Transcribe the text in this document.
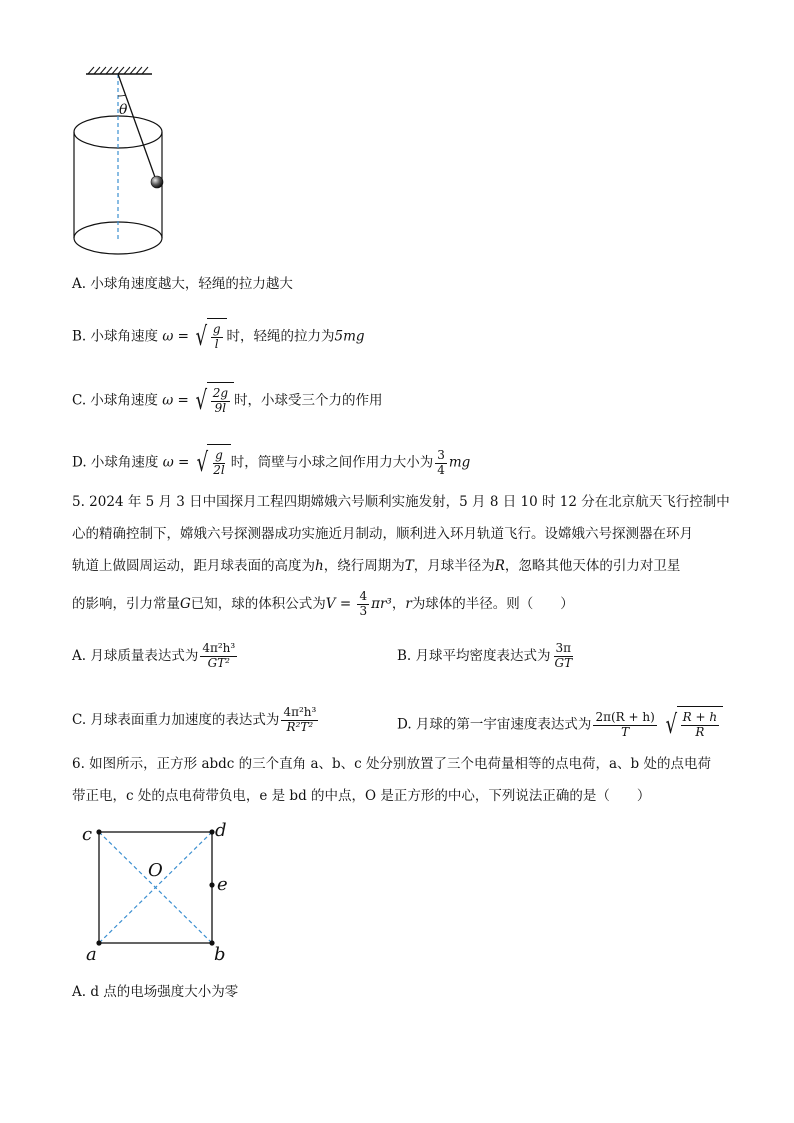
θ
A. 小球角速度越大，轻绳的拉力越大
B. 小球角速度 ω = √ $\frac{g}{l}$ 时，轻绳的拉力为5mg
C. 小球角速度 ω = √ $\frac{2g}{9l}$ 时，小球受三个力的作用
D. 小球角速度 ω = √ $\frac{g}{2l}$ 时，筒壁与小球之间作用力大小为 $\frac{3}{4}$ mg
5. 2024 年 5 月 3 日中国探月工程四期嫦娥六号顺利实施发射，5 月 8 日 10 时 12 分在北京航天飞行控制中
心的精确控制下，嫦娥六号探测器成功实施近月制动，顺利进入环月轨道飞行。设嫦娥六号探测器在环月
轨道上做圆周运动，距月球表面的高度为h，绕行周期为T，月球半径为R，忽略其他天体的引力对卫星
的影响，引力常量G已知，球的体积公式为$V = \frac{4}{3} \pi r^3$，r为球体的半径。则（　　）
A. 月球质量表达式为 $\frac{\text{4π²h³}}{\text{GT²}}$	B. 月球平均密度表达式为 $\frac{3\pi}{GT}$
C. 月球表面重力加速度的表达式为 $\frac{\text{4π²h³}}{\text{R²T²}}$	D. 月球的第一宇宙速度表达式为 $\frac{2\pi(R + h)}{T}$
√ $\frac{R + h}{R}$
6. 如图所示，正方形 abdc 的三个直角 a、b、c 处分别放置了三个电荷量相等的点电荷，a、b 处的点电荷
带正电，c 处的点电荷带负电，e 是 bd 的中点，O 是正方形的中心，下列说法正确的是（　　）
c	d
O
e
a	b
A. d 点的电场强度大小为零
